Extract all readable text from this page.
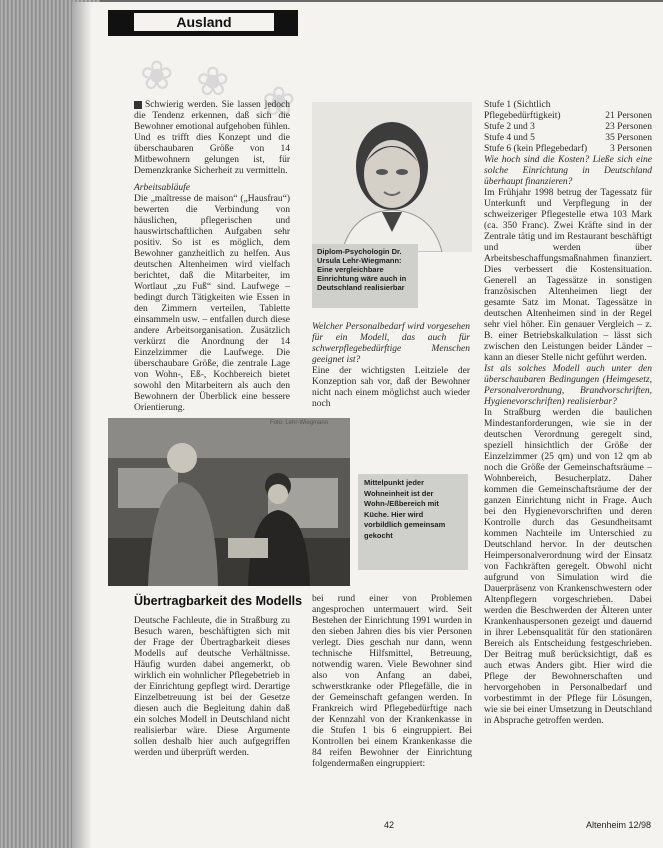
Ausland
❀ ❀ ❀

Schwierig werden. Sie lassen jedoch die Tendenz erkennen, daß sich die Bewohner emotional aufgehoben fühlen. Und es trifft dies Konzept und die überschaubaren Größe von 14 Mitbewohnern gelungen ist, für Demenzkranke Sicherheit zu vermitteln.

Arbeitsabläufe

Die „maîtresse de maison“ („Hausfrau“) bewerten die Verbindung von häuslichen, pflegerischen und hauswirtschaftlichen Aufgaben sehr positiv. So ist es möglich, dem Bewohner ganzheitlich zu helfen. Aus deutschen Altenheimen wird vielfach berichtet, daß die Mitarbeiter, im Wortlaut „zu Fuß“ sind. Laufwege – bedingt durch Tätigkeiten wie Essen in den Zimmern verteilen, Tablette einsammeln usw. – entfallen durch diese andere Arbeitsorganisation. Zusätzlich verkürzt die Anordnung der 14 Einzelzimmer die Laufwege. Die überschaubare Größe, die zentrale Lage von Wohn-, Eß-, Kochbereich bietet sowohl den Mitarbeitern als auch den Bewohnern der Überblick eine bessere Orientierung.

Diplom-Psychologin Dr. Ursula Lehr-Wiegmann: Eine vergleichbare Einrichtung wäre auch in Deutschland realisierbar

Welcher Personalbedarf wird vorgesehen für ein Modell, das auch für schwerpflegebedürftige Menschen geeignet ist?

Eine der wichtigsten Leitziele der Konzeption sah vor, daß der Bewohner nicht nach einem möglichst auch wieder noch

Stufe 1 (Sichtlich
Pflegebedürftigkeit)	21 Personen
Stufe 2 und 3	23 Personen
Stufe 4 und 5	35 Personen
Stufe 6 (kein Pflegebedarf) 3 Personen

Wie hoch sind die Kosten? Ließe sich eine solche Einrichtung in Deutschland überhaupt finanzieren?

Im Frühjahr 1998 betrug der Tagessatz für Unterkunft und Verpflegung in der schweizeriger Pflegestelle etwa 103 Mark (ca. 350 Franc). Zwei Kräfte sind in der Zentrale tätig und im Restaurant beschäftigt und werden über Arbeitsbeschaffungsmaßnahmen finanziert. Dies verbessert die Kostensituation. Generell an Tagessätze in sonstigen französischen Altenheimen liegt der gesamte Satz im Monat. Tagessätze in deutschen Altenheimen sind in der Regel sehr viel höher. Ein genauer Vergleich – z. B. einer Betriebskalkulation – lässt sich zwischen den Leistungen beider Länder – kann an dieser Stelle nicht geführt werden.

Ist als solches Modell auch unter den überschaubaren Bedingungen (Heimgesetz, Personalverordnung, Brandvorschriften, Hygienevorschriften) realisierbar?

In Straßburg werden die baulichen Mindestanforderungen, wie sie in der deutschen Verordnung geregelt sind, speziell hinsichtlich der Größe der Einzelzimmer (25 qm) und von 12 qm ab noch die Größe der Gemeinschaftsräume – Wohnbereich, Besucherplatz. Daher kommen die Gemeinschaftsräume der der ganzen Einrichtung nicht in Frage. Auch bei den Hygienevorschriften und deren Kontrolle durch das Gesundheitsamt kommen Nachteile im Unterschied zu Deutschland hervor. In der deutschen Heimpersonalverordnung wird der Einsatz von Fachkräften geregelt. Obwohl nicht aufgrund von Simulation wird die Dauerpräsenz von Krankenschwestern oder Altenpflegern vorgeschrieben. Dabei werden die Beschwerden der Älteren unter Krankenhauspersonen gezeigt und dauernd in ihrer Lebensqualität für den stationären Bereich als Entscheidung festgeschrieben. Der Beitrag muß berücksichtigt, daß es auch etwas Anders gibt. Hier wird die Pflege der Bewohnerschaften und hervorgehoben in Personalbedarf und vorbestimmt in der Pflege für Lösungen, wie sie bei einer Umsetzung in Deutschland in Absprache getroffen werden.

Foto: Lehr-Wiegmann
Mittelpunkt jeder Wohneinheit ist der Wohn-/Eßbereich mit Küche. Hier wird vorbildlich gemeinsam gekocht
Übertragbarkeit des Modells

Deutsche Fachleute, die in Straßburg zu Besuch waren, beschäftigten sich mit der Frage der Übertragbarkeit dieses Modells auf deutsche Verhältnisse. Häufig wurden dabei angemerkt, ob wirklich ein wohnlicher Pflegebetrieb in der Einrichtung gepflegt wird. Derartige Einzelbetreuung ist bei der Gesetze diesen auch die Begleitung dahin daß ein solches Modell in Deutschland nicht realisierbar wäre. Diese Argumente sollen deshalb hier auch aufgegriffen werden und überprüft werden.

bei rund einer von Problemen angesprochen untermauert wird. Seit Bestehen der Einrichtung 1991 wurden in den sieben Jahren dies bis vier Personen verlegt. Dies geschah nur dann, wenn technische Hilfsmittel, Betreuung, notwendig waren. Viele Bewohner sind also von Anfang an dabei, schwerstkranke oder Pflegefälle, die in der Gemeinschaft gefangen werden. In Frankreich wird Pflegebedürftige nach der Kennzahl von der Krankenkasse in die Stufen 1 bis 6 eingruppiert. Bei Kontrollen bei einem Krankenkasse die 84 reifen Bewohner der Einrichtung folgendermaßen eingruppiert:

42	Altenheim 12/98
